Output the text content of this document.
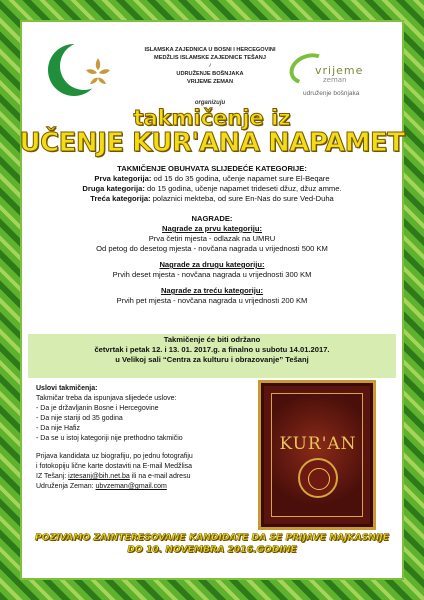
ISLAMSKA ZAJEDNICA U BOSNI I HERCEGOVINI
MEDŽLIS ISLAMSKE ZAJEDNICE TEŠANJ
i
UDRUŽENJE BOŠNJAKA
VRIJEME ZEMAN
vrijeme
zeman
udruženje bošnjaka
organizuju
takmičenje iz
UČENJE KUR'ANA NAPAMET
TAKMIČENJE OBUHVATA SLIJEDEĆE KATEGORIJE:
Prva kategorija: od 15 do 35 godina, učenje napamet sure El-Beqare
Druga kategorija: do 15 godina, učenje napamet trideseti džuz, džuz amme.
Treća kategorija: polaznici mekteba, od sure En-Nas do sure Ved-Duha
NAGRADE:
Nagrade za prvu kategoriju:
Prva četiri mjesta - odlazak na UMRU
Od petog do desetog mjesta - novčana nagrada u vrijednosti 500 KM
Nagrade za drugu kategoriju:
Prvih deset mjesta - novčana nagrada u vrijednosti 300 KM
Nagrade za treću kategoriju:
Prvih pet mjesta - novčana nagrada u vrijednosti 200 KM
Takmičenje će biti održano
četvrtak i petak 12. i 13. 01. 2017.g. a finalno u subotu 14.01.2017.
u Velikoj sali “Centra za kulturu i obrazovanje” Tešanj
Uslovi takmičenja:
Takmičar treba da ispunjava slijedeće uslove:
- Da je državljanin Bosne i Hercegovine
- Da nije stariji od 35 godina
- Da nije Hafiz
- Da se u istoj kategoriji nije prethodno takmičio
Prijava kandidata uz biografiju, po jednu fotografiju
i fotokopiju lične karte dostaviti na E-mail Medžlisa
IZ Tešanj: iztesanj@bih.net.ba ili na e-mail adresu
Udruženja Zeman: ubvzeman@gmail.com
KUR'AN
POZIVAMO ZAINTERESOVANE KANDIDATE DA SE PRIJAVE NAJKASNIJE
DO 10. NOVEMBRA 2016.GODINE
